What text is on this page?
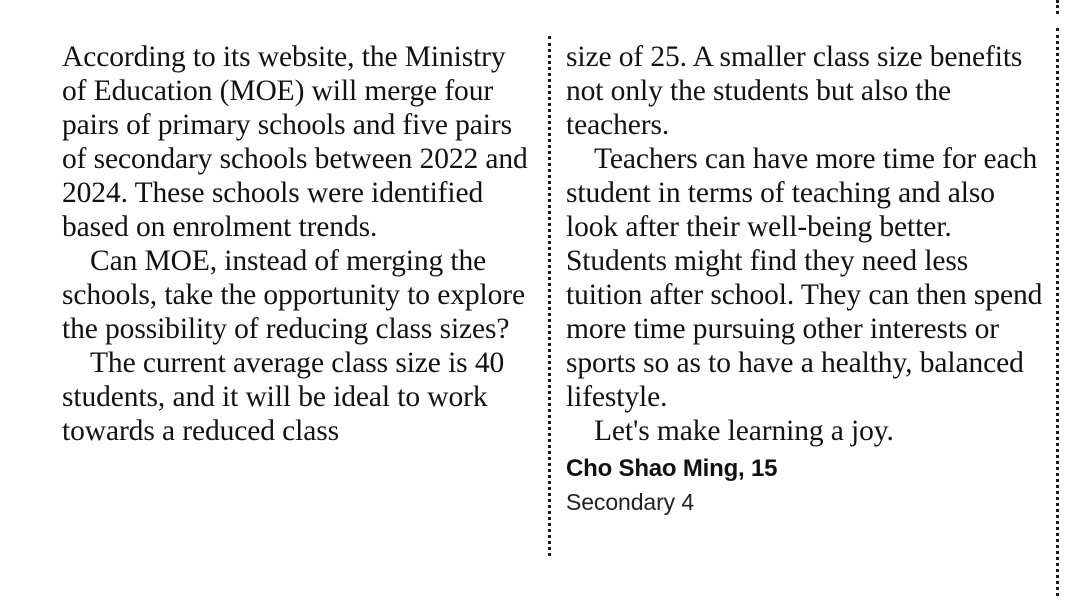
According to its website, the Ministry of Education (MOE) will merge four pairs of primary schools and five pairs of secondary schools between 2022 and 2024. These schools were identified based on enrolment trends.

Can MOE, instead of merging the schools, take the opportunity to explore the possibility of reducing class sizes?

The current average class size is 40 students, and it will be ideal to work towards a reduced class

size of 25. A smaller class size benefits not only the students but also the teachers.

Teachers can have more time for each student in terms of teaching and also look after their well-being better. Students might find they need less tuition after school. They can then spend more time pursuing other interests or sports so as to have a healthy, balanced lifestyle.

Let's make learning a joy.

Cho Shao Ming, 15

Secondary 4
